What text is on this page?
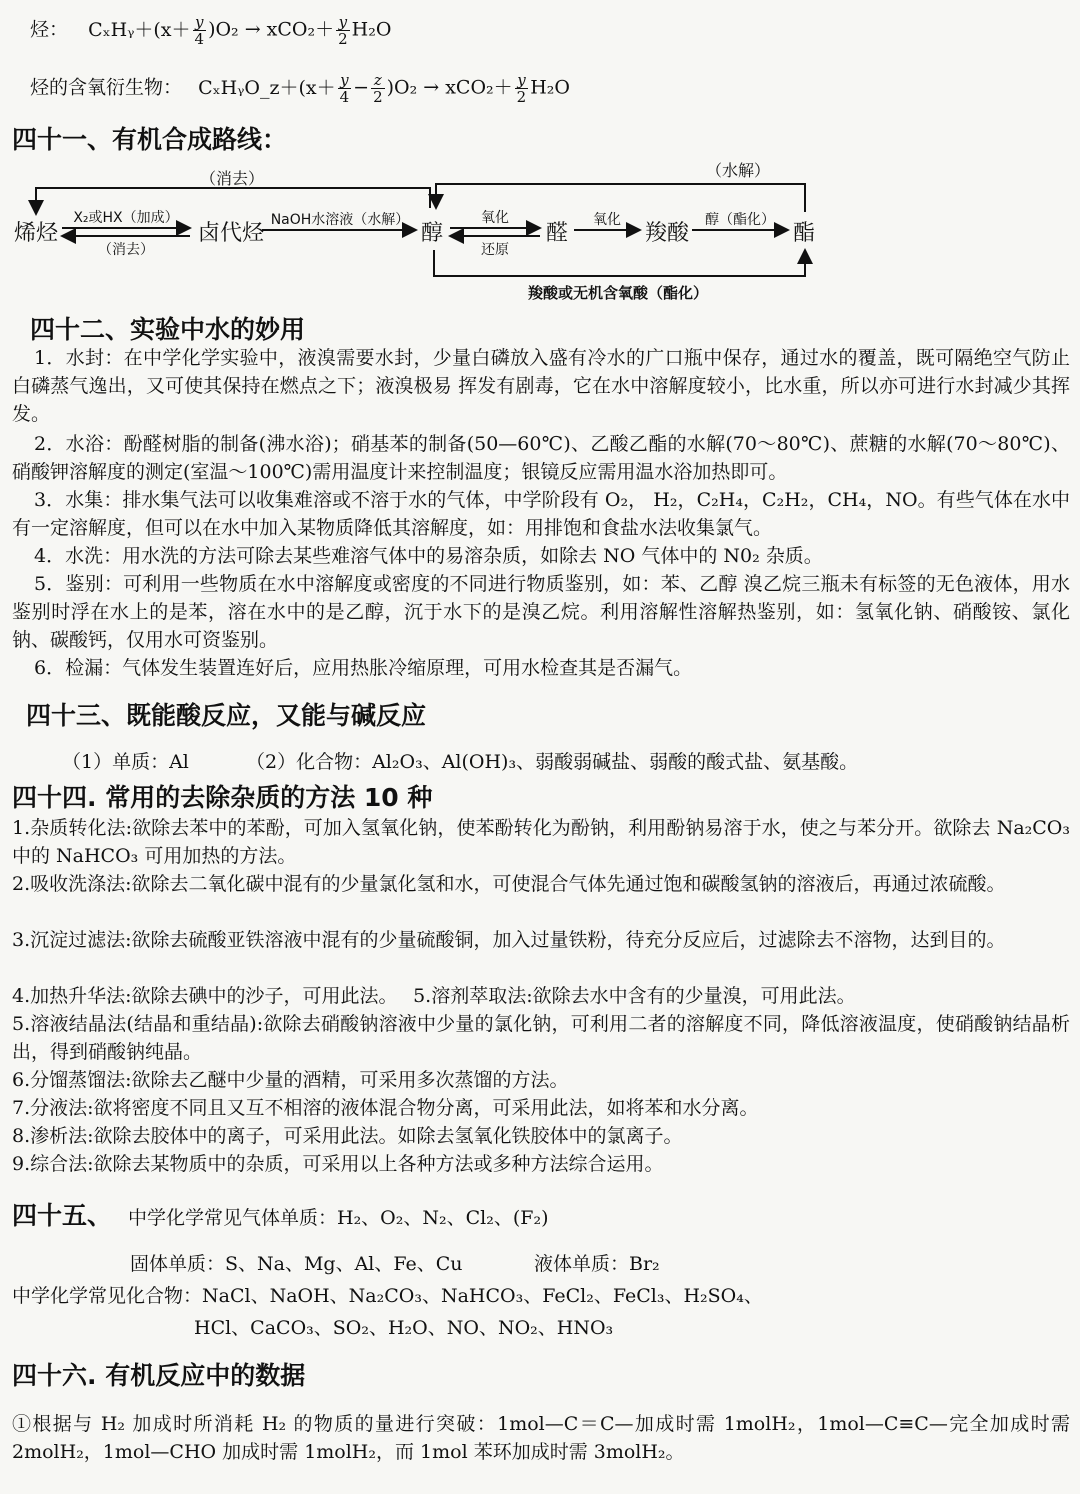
烃： CₓHᵧ＋(x＋ $\frac{y}{4} )O_2 \to xCO_2+ \frac{y}{2} H_2O$
烃的含氧衍生物： CₓHᵧO_z＋(x＋ $\frac{y}{4} - \frac{z}{2} )O_2 \to xCO_2+ \frac{y}{2} H_2O$
四十一、有机合成路线：
（消去）	（水解）
羧酸或无机含氧酸（酯化）
烯烃	卤代烃	醇	醛	羧酸	酯
X₂或HX（加成）
（消去）
NaOH水溶液（水解）	氧化
还原
氧化	醇（酯化）
四十二、实验中水的妙用
1．水封：在中学化学实验中，液溴需要水封，少量白磷放入盛有冷水的广口瓶中保存，通过水的覆盖，既可隔绝空气防止白磷蒸气逸出，又可使其保持在燃点之下；液溴极易 挥发有剧毒，它在水中溶解度较小，比水重，所以亦可进行水封减少其挥发。
2．水浴：酚醛树脂的制备(沸水浴)；硝基苯的制备(50—60℃)、乙酸乙酯的水解(70～80℃)、蔗糖的水解(70～80℃)、硝酸钾溶解度的测定(室温～100℃)需用温度计来控制温度；银镜反应需用温水浴加热即可。
3．水集：排水集气法可以收集难溶或不溶于水的气体，中学阶段有 O₂， H₂，C₂H₄，C₂H₂，CH₄，NO。有些气体在水中有一定溶解度，但可以在水中加入某物质降低其溶解度，如：用排饱和食盐水法收集氯气。
4．水洗：用水洗的方法可除去某些难溶气体中的易溶杂质，如除去 NO 气体中的 N0₂ 杂质。
5．鉴别：可利用一些物质在水中溶解度或密度的不同进行物质鉴别，如：苯、乙醇 溴乙烷三瓶未有标签的无色液体，用水鉴别时浮在水上的是苯，溶在水中的是乙醇，沉于水下的是溴乙烷。利用溶解性溶解热鉴别，如：氢氧化钠、硝酸铵、氯化钠、碳酸钙，仅用水可资鉴别。
6．检漏：气体发生装置连好后，应用热胀冷缩原理，可用水检查其是否漏气。
四十三、既能酸反应，又能与碱反应
（1）单质：Al	（2）化合物：Al₂O₃、Al(OH)₃、弱酸弱碱盐、弱酸的酸式盐、氨基酸。
四十四. 常用的去除杂质的方法 10 种
1.杂质转化法:欲除去苯中的苯酚，可加入氢氧化钠，使苯酚转化为酚钠，利用酚钠易溶于水，使之与苯分开。欲除去 Na₂CO₃ 中的 NaHCO₃ 可用加热的方法。
2.吸收洗涤法:欲除去二氧化碳中混有的少量氯化氢和水，可使混合气体先通过饱和碳酸氢钠的溶液后，再通过浓硫酸。
3.沉淀过滤法:欲除去硫酸亚铁溶液中混有的少量硫酸铜，加入过量铁粉，待充分反应后，过滤除去不溶物，达到目的。
4.加热升华法:欲除去碘中的沙子，可用此法。　 5.溶剂萃取法:欲除去水中含有的少量溴，可用此法。
5.溶液结晶法(结晶和重结晶):欲除去硝酸钠溶液中少量的氯化钠，可利用二者的溶解度不同，降低溶液温度，使硝酸钠结晶析出，得到硝酸钠纯晶。
6.分馏蒸馏法:欲除去乙醚中少量的酒精，可采用多次蒸馏的方法。
7.分液法:欲将密度不同且又互不相溶的液体混合物分离，可采用此法，如将苯和水分离。
8.渗析法:欲除去胶体中的离子，可采用此法。如除去氢氧化铁胶体中的氯离子。
9.综合法:欲除去某物质中的杂质，可采用以上各种方法或多种方法综合运用。
四十五、 中学化学常见气体单质：H₂、O₂、N₂、Cl₂、(F₂)
固体单质：S、Na、Mg、Al、Fe、Cu	液体单质：Br₂
中学化学常见化合物：NaCl、NaOH、Na₂CO₃、NaHCO₃、FeCl₂、FeCl₃、H₂SO₄、
HCl、CaCO₃、SO₂、H₂O、NO、NO₂、HNO₃
四十六. 有机反应中的数据
①根据与 H₂ 加成时所消耗 H₂ 的物质的量进行突破：1mol—C＝C—加成时需 1molH₂，1mol—C≡C—完全加成时需 2molH₂，1mol—CHO 加成时需 1molH₂，而 1mol 苯环加成时需 3molH₂。
